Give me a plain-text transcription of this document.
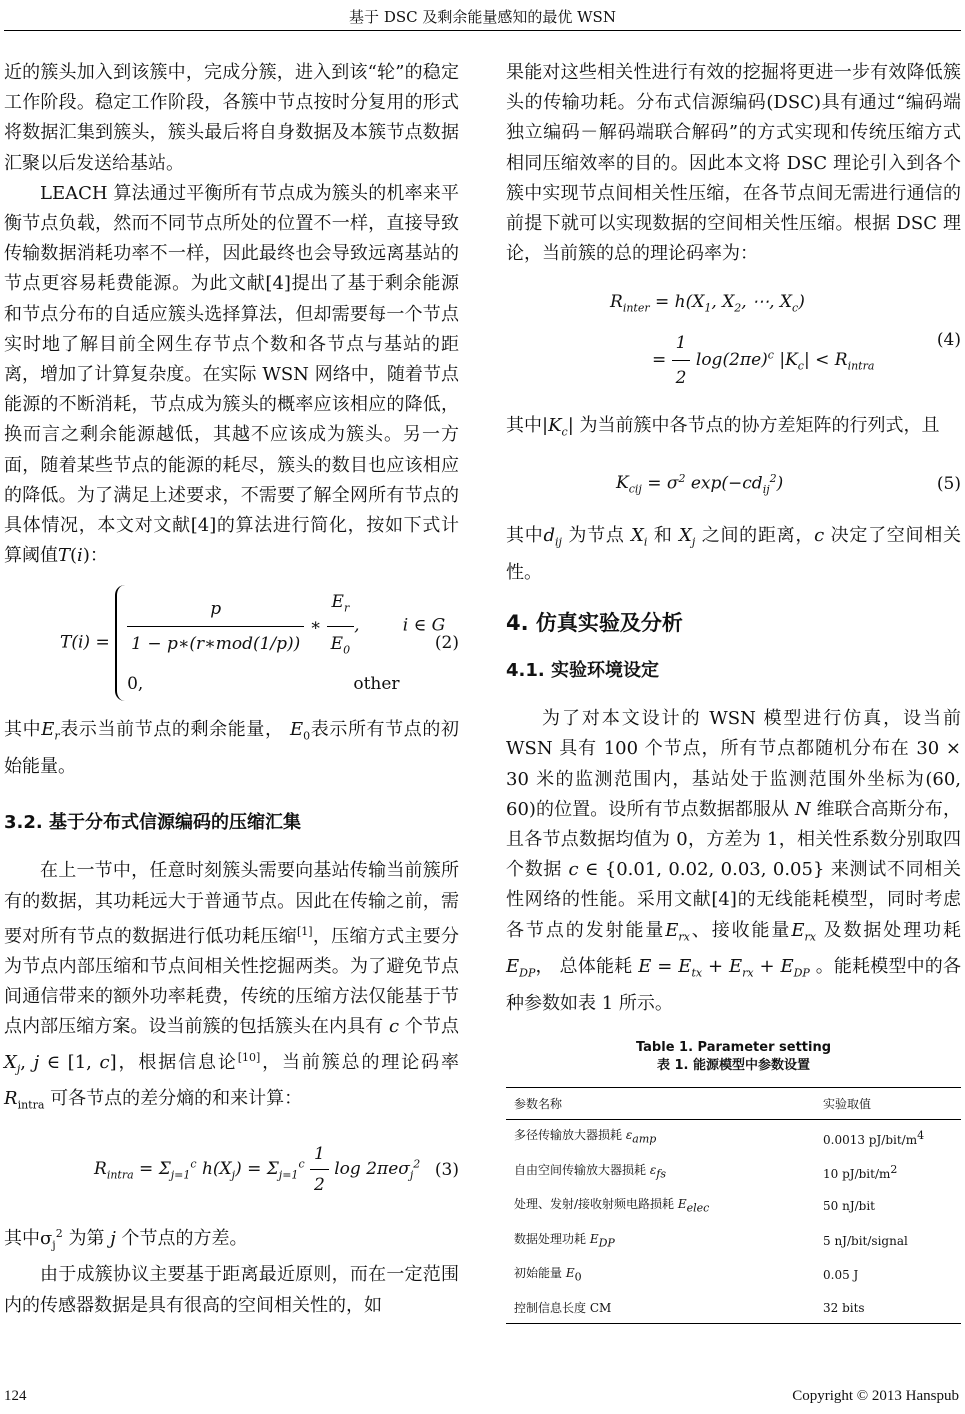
基于 DSC 及剩余能量感知的最优 WSN

近的簇头加入到该簇中，完成分簇，进入到该“轮”的稳定工作阶段。稳定工作阶段，各簇中节点按时分复用的形式将数据汇集到簇头，簇头最后将自身数据及本簇节点数据汇聚以后发送给基站。

LEACH 算法通过平衡所有节点成为簇头的机率来平衡节点负载，然而不同节点所处的位置不一样，直接导致传输数据消耗功率不一样，因此最终也会导致远离基站的节点更容易耗费能源。为此文献[4]提出了基于剩余能源和节点分布的自适应簇头选择算法，但却需要每一个节点实时地了解目前全网生存节点个数和各节点与基站的距离，增加了计算复杂度。在实际 WSN 网络中，随着节点能源的不断消耗，节点成为簇头的概率应该相应的降低，换而言之剩余能源越低，其越不应该成为簇头。另一方面，随着某些节点的能源的耗尽，簇头的数目也应该相应的降低。为了满足上述要求，不需要了解全网所有节点的具体情况，本文对文献[4]的算法进行简化，按如下式计算阈值T(i)：

$T(i) = \frac{p}{\text{1 − p∗(r∗mod(1/p))}}$ ∗ $\frac{E_r}{E_0}$ ,        i ∈ G
0,	other
(2)

其中$E_r$表示当前节点的剩余能量， $E_0$表示所有节点的初始能量。

3.2. 基于分布式信源编码的压缩汇集

在上一节中，任意时刻簇头需要向基站传输当前簇所有的数据，其功耗远大于普通节点。因此在传输之前，需要对所有节点的数据进行低功耗压缩[1]，压缩方式主要分为节点内部压缩和节点间相关性挖掘两类。为了避免节点间通信带来的额外功率耗费，传统的压缩方法仅能基于节点内部压缩方案。设当前簇的包括簇头在内具有 c 个节点 $X_j$, j ∈ [1, c]，根据信息论[10]，当前簇总的理论码率 $R_{intra}$ 可各节点的差分熵的和来计算：

$R_{intra} = \Sigma_{j=1}^c$ $h(X_j) = \Sigma_{j=1}^c \frac{1}{2}$ log 2πeσ$_j^2$ (3)

其中$\sigma_j^2$ 为第 j 个节点的方差。

由于成簇协议主要基于距离最近原则，而在一定范围内的传感器数据是具有很高的空间相关性的，如

果能对这些相关性进行有效的挖掘将更进一步有效降低簇头的传输功耗。分布式信源编码(DSC)具有通过“编码端独立编码－解码端联合解码”的方式实现和传统压缩方式相同压缩效率的目的。因此本文将 DSC 理论引入到各个簇中实现节点间相关性压缩，在各节点间无需进行通信的前提下就可以实现数据的空间相关性压缩。根据 DSC 理论，当前簇的总的理论码率为：

$R_{inter} = h(X_1$, $X_2$, ⋯, $X_c$)
= $\frac{1}{2} \log(2\pi e)^c$ $|K_c| < R_{intra}$
(4)

其中$|K_c|$ 为当前簇中各节点的协方差矩阵的行列式，且

$K_{cij} = \sigma^2$ $\exp(-cd_{ij}^2)$	(5)

其中$d_{ij}$ 为节点 $X_i$ 和 $X_j$ 之间的距离，c 决定了空间相关性。

4. 仿真实验及分析
4.1. 实验环境设定

为了对本文设计的 WSN 模型进行仿真，设当前 WSN 具有 100 个节点，所有节点都随机分布在 30 × 30 米的监测范围内，基站处于监测范围外坐标为(60, 60)的位置。设所有节点数据都服从 N 维联合高斯分布，且各节点数据均值为 0，方差为 1，相关性系数分别取四个数据 c ∈ {0.01, 0.02, 0.03, 0.05} 来测试不同相关性网络的性能。采用文献[4]的无线能耗模型，同时考虑各节点的发射能量$E_{rx}$、接收能量$E_{rx}$ 及数据处理功耗 $E_{DP}$， 总体能耗 $E = E_{tx} + E_{rx} + E_{DP}$ 。能耗模型中的各种参数如表 1 所示。

Table 1. Parameter setting
表 1. 能源模型中参数设置
参数名称	实验取值
多径传输放大器损耗 $\varepsilon_{amp}$	0.0013 $pJ/bit/m^4$
自由空间传输放大器损耗 $\varepsilon_{fs}$	10 $pJ/bit/m^2$
处理、发射/接收射频电路损耗 $E_{elec}$	50 nJ/bit
数据处理功耗 $E_{DP}$	5 nJ/bit/signal
初始能量 $E_0$	0.05 J
控制信息长度 CM	32 bits
124	Copyright © 2013 Hanspub
